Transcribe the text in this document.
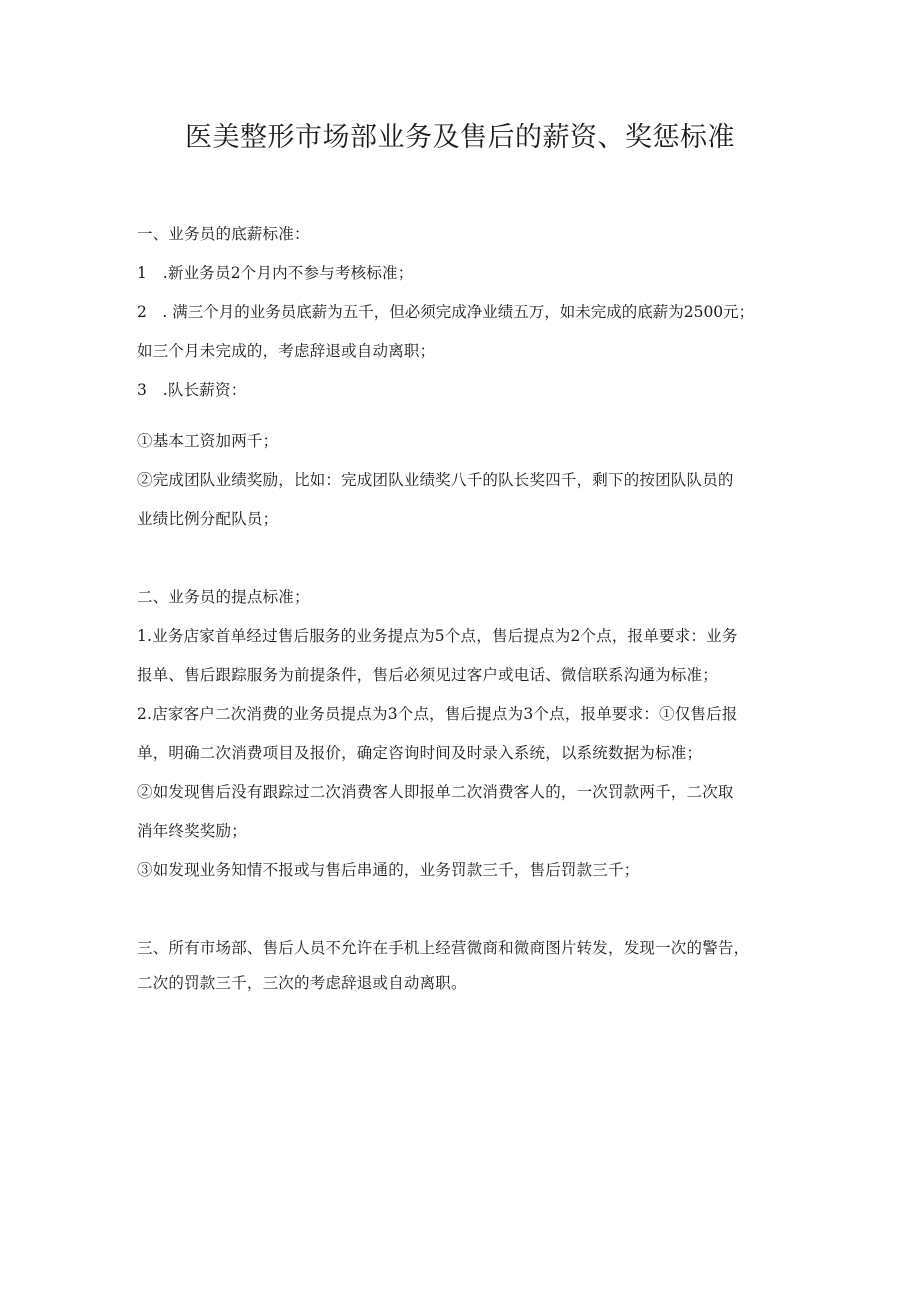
医美整形市场部业务及售后的薪资、奖惩标准
一、业务员的底薪标准：
1　.新业务员2个月内不参与考核标准；
2　. 满三个月的业务员底薪为五千，但必须完成净业绩五万，如未完成的底薪为2500元；
如三个月未完成的，考虑辞退或自动离职；
3　.队长薪资：
①基本工资加两千；
②完成团队业绩奖励，比如：完成团队业绩奖八千的队长奖四千，剩下的按团队队员的
业绩比例分配队员；
二、业务员的提点标准；
1.业务店家首单经过售后服务的业务提点为5个点，售后提点为2个点，报单要求：业务
报单、售后跟踪服务为前提条件，售后必须见过客户或电话、微信联系沟通为标准；
2.店家客户二次消费的业务员提点为3个点，售后提点为3个点，报单要求：①仅售后报
单，明确二次消费项目及报价，确定咨询时间及时录入系统，以系统数据为标准；
②如发现售后没有跟踪过二次消费客人即报单二次消费客人的，一次罚款两千，二次取
消年终奖奖励；
③如发现业务知情不报或与售后串通的，业务罚款三千，售后罚款三千；
三、所有市场部、售后人员不允许在手机上经营微商和微商图片转发，发现一次的警告，
二次的罚款三千，三次的考虑辞退或自动离职。
